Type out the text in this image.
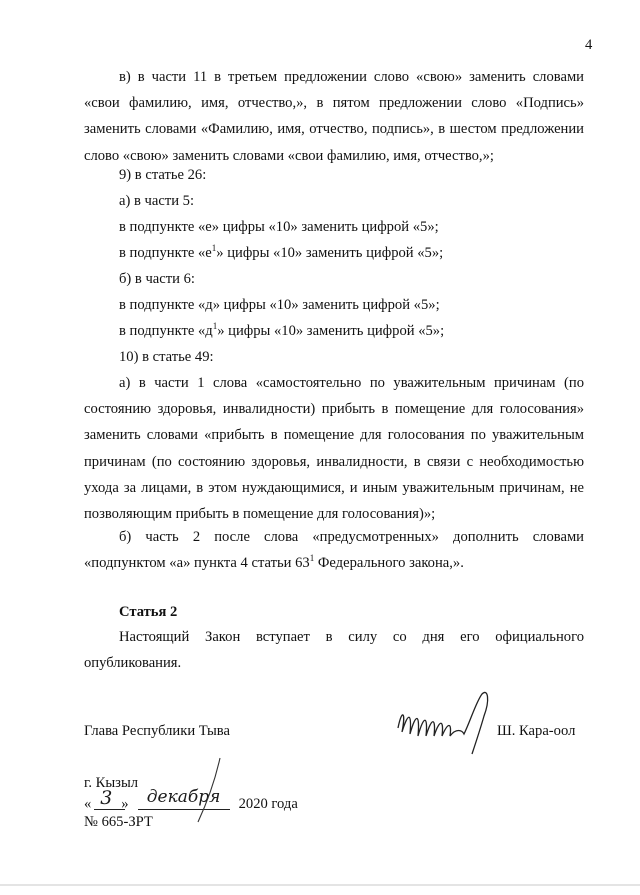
4

в) в части 11 в третьем предложении слово «свою» заменить словами «свои фамилию, имя, отчество,», в пятом предложении слово «Подпись» заменить словами «Фамилию, имя, отчество, подпись», в шестом предложении слово «свою» заменить словами «свои фамилию, имя, отчество,»;

9) в статье 26:
а) в части 5:
в подпункте «е» цифры «10» заменить цифрой «5»;
в подпункте «$е^1$» цифры «10» заменить цифрой «5»;
б) в части 6:
в подпункте «д» цифры «10» заменить цифрой «5»;
в подпункте «$д^1$» цифры «10» заменить цифрой «5»;
10) в статье 49:

а) в части 1 слова «самостоятельно по уважительным причинам (по состоянию здоровья, инвалидности) прибыть в помещение для голосования» заменить словами «прибыть в помещение для голосования по уважительным причинам (по состоянию здоровья, инвалидности, в связи с необходимостью ухода за лицами, в этом нуждающимися, и иным уважительным причинам, не позволяющим прибыть в помещение для голосования)»;

б) часть 2 после слова «предусмотренных» дополнить словами «подпунктом «а» пункта 4 статьи $63^1$ Федерального закона,».

Статья 2

Настоящий Закон вступает в силу со дня его официального опубликования.

Глава Республики Тыва	Ш. Кара-оол
г. Кызыл
« 3 » декабря 2020 года
№ 665-ЗРТ
